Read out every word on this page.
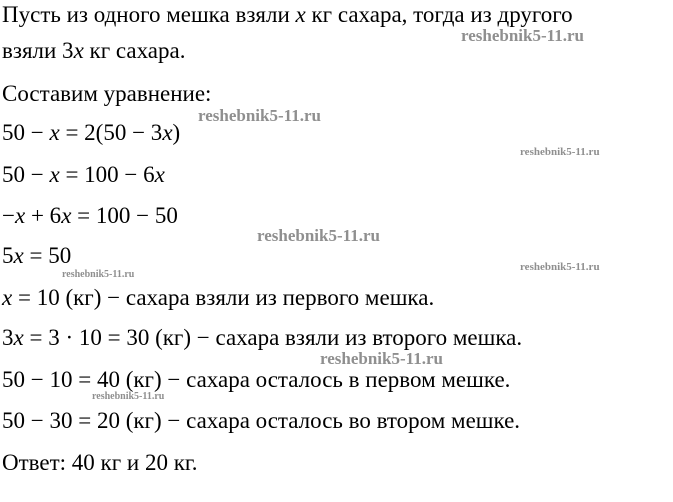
Пусть из одного мешка взяли x кг сахара, тогда из другого
взяли 3x кг сахара.
Составим уравнение:
50 − x = 2(50 − 3x)
50 − x = 100 − 6x
−x + 6x = 100 − 50
5x = 50
x = 10 (кг) − сахара взяли из первого мешка.
3x = 3 · 10 = 30 (кг) − сахара взяли из второго мешка.
50 − 10 = 40 (кг) − сахара осталось в первом мешке.
50 − 30 = 20 (кг) − сахара осталось во втором мешке.
Ответ: 40 кг и 20 кг.
reshebnik5-11.ru
reshebnik5-11.ru
reshebnik5-11.ru
reshebnik5-11.ru
reshebnik5-11.ru
reshebnik5-11.ru
reshebnik5-11.ru
reshebnik5-11.ru
